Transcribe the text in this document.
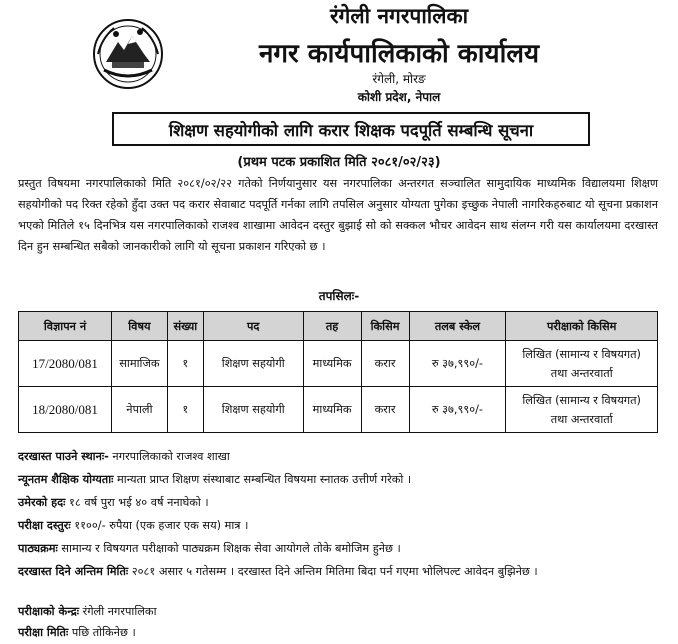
रंगेली नगरपालिका
नगर कार्यपालिकाको कार्यालय
रंगेली, मोरङ
कोशी प्रदेश, नेपाल
शिक्षण सहयोगीको लागि करार शिक्षक पदपूर्ति सम्बन्धि सूचना
(प्रथम पटक प्रकाशित मिति २०८१/०२/२३)

प्रस्तुत विषयमा नगरपालिकाको मिति २०८१/०२/२२ गतेको निर्णयानुसार यस नगरपालिका अन्तरगत सञ्चालित सामुदायिक माध्यमिक विद्यालयमा शिक्षण सहयोगीको पद रिक्त रहेको हुँदा उक्त पद करार सेवाबाट पदपूर्ति गर्नका लागि तपसिल अनुसार योग्यता पुगेका इच्छुक नेपाली नागरिकहरुबाट यो सूचना प्रकाशन भएको मितिले १५ दिनभित्र यस नगरपालिकाको राजश्व शाखामा आवेदन दस्तुर बुझाई सो को सक्कल भौचर आवेदन साथ संलग्न गरी यस कार्यालयमा दरखास्त दिन हुन सम्बन्धित सबैको जानकारीको लागि यो सूचना प्रकाशन गरिएको छ ।

तपसिलः-
विज्ञापन नं	विषय	संख्या	पद	तह	किसिम	तलब स्केल	परीक्षाको किसिम
17/2080/081	सामाजिक	१	शिक्षण सहयोगी	माध्यमिक	करार	रु ३७,९९०/-	लिखित (सामान्य र विषयगत)
तथा अन्तरवार्ता

18/2080/081	नेपाली	१	शिक्षण सहयोगी	माध्यमिक	करार	रु ३७,९९०/-	लिखित (सामान्य र विषयगत)
तथा अन्तरवार्ता
दरखास्त पाउने स्थानः- नगरपालिकाको राजश्व शाखा
न्यूनतम शैक्षिक योग्यताः मान्यता प्राप्त शिक्षण संस्थाबाट सम्बन्धित विषयमा स्नातक उत्तीर्ण गरेको ।
उमेरको हदः १८ वर्ष पुरा भई ४० वर्ष ननाघेको ।
परीक्षा दस्तुरः ११००/- रुपैया (एक हजार एक सय) मात्र ।
पाठ्यक्रमः सामान्य र विषयगत परीक्षाको पाठ्यक्रम शिक्षक सेवा आयोगले तोके बमोजिम हुनेछ ।
दरखास्त दिने अन्तिम मितिः २०८१ असार ५ गतेसम्म । दरखास्त दिने अन्तिम मितिमा बिदा पर्न गएमा भोलिपल्ट आवेदन बुझिनेछ ।
परीक्षाको केन्द्रः रंगेली नगरपालिका
परीक्षा मितिः पछि तोकिनेछ ।
